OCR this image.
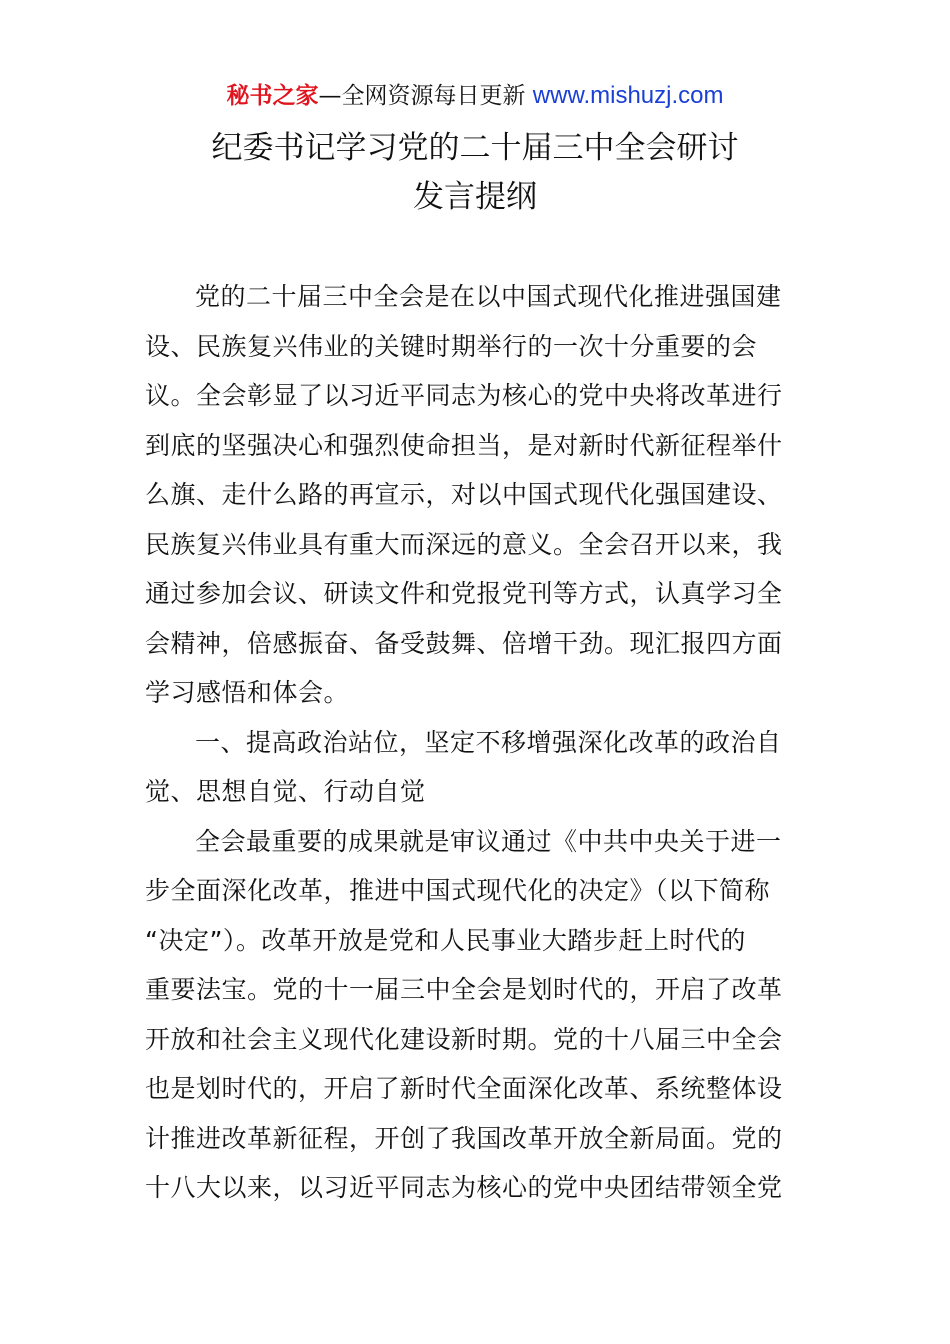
秘书之家—全网资源每日更新 www.mishuzj.com
纪委书记学习党的二十届三中全会研讨
发言提纲
党的二十届三中全会是在以中国式现代化推进强国建
设、民族复兴伟业的关键时期举行的一次十分重要的会
议。全会彰显了以习近平同志为核心的党中央将改革进行
到底的坚强决心和强烈使命担当，是对新时代新征程举什
么旗、走什么路的再宣示，对以中国式现代化强国建设、
民族复兴伟业具有重大而深远的意义。全会召开以来，我
通过参加会议、研读文件和党报党刊等方式，认真学习全
会精神，倍感振奋、备受鼓舞、倍增干劲。现汇报四方面
学习感悟和体会。
一、提高政治站位，坚定不移增强深化改革的政治自
觉、思想自觉、行动自觉
全会最重要的成果就是审议通过《中共中央关于进一
步全面深化改革，推进中国式现代化的决定》（以下简称
“决定”）。改革开放是党和人民事业大踏步赶上时代的
重要法宝。党的十一届三中全会是划时代的，开启了改革
开放和社会主义现代化建设新时期。党的十八届三中全会
也是划时代的，开启了新时代全面深化改革、系统整体设
计推进改革新征程，开创了我国改革开放全新局面。党的
十八大以来，以习近平同志为核心的党中央团结带领全党
